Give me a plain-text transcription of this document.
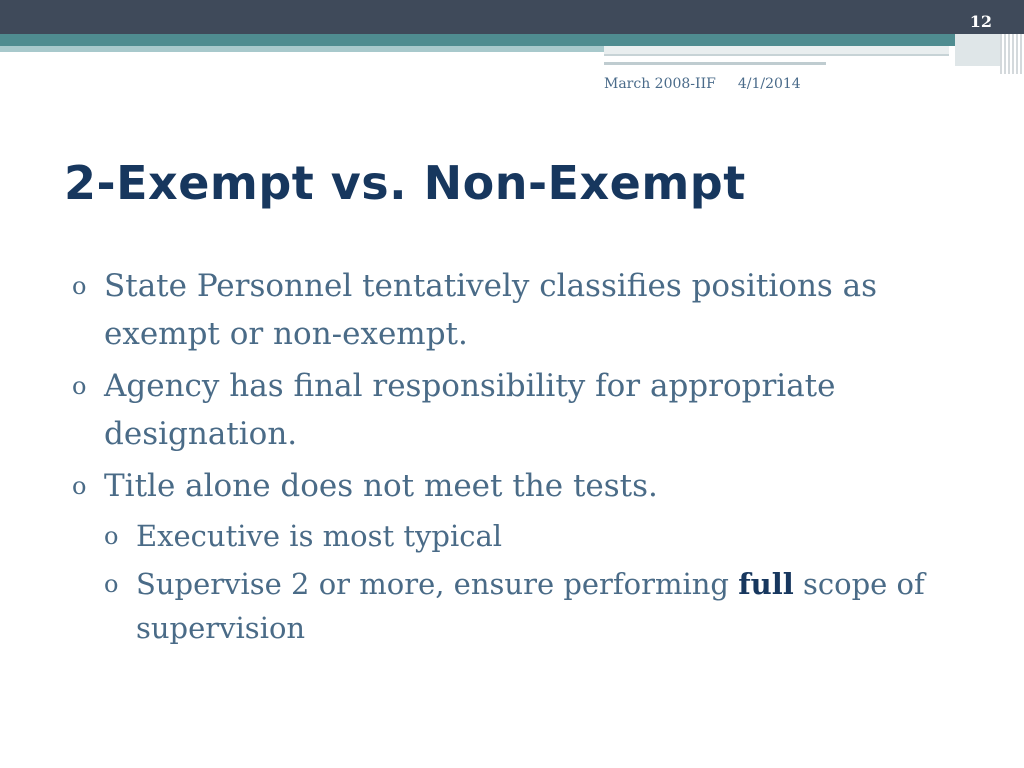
12
March 2008-IIF 4/1/2014
2-Exempt vs. Non-Exempt
o State Personnel tentatively classifies positions as exempt or non-exempt.
o Agency has final responsibility for appropriate designation.
o Title alone does not meet the tests.
o Executive is most typical
o Supervise 2 or more, ensure performing full scope of supervision
